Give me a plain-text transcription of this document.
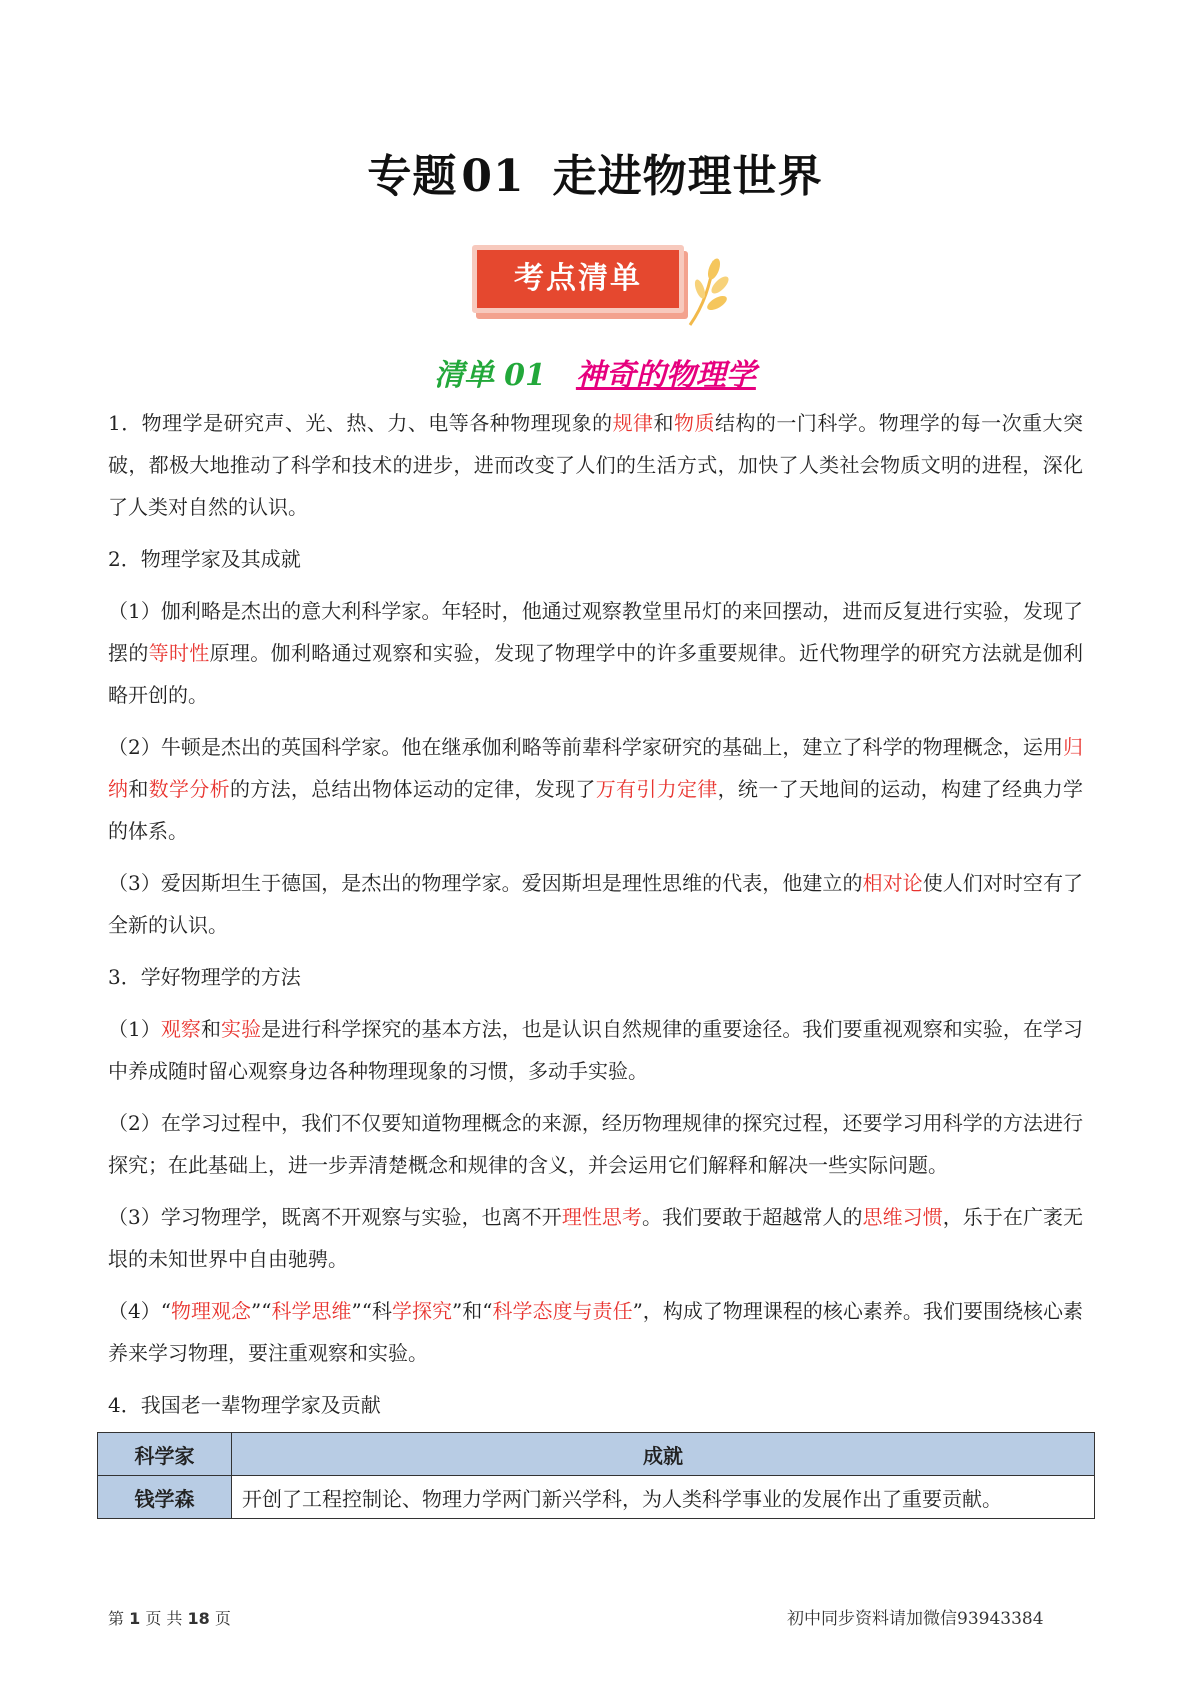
专题01 走进物理世界
考点清单
清单 01 神奇的物理学

1．物理学是研究声、光、热、力、电等各种物理现象的规律和物质结构的一门科学。物理学的每一次重大突破，都极大地推动了科学和技术的进步，进而改变了人们的生活方式，加快了人类社会物质文明的进程，深化了人类对自然的认识。

2．物理学家及其成就

（1）伽利略是杰出的意大利科学家。年轻时，他通过观察教堂里吊灯的来回摆动，进而反复进行实验，发现了摆的等时性原理。伽利略通过观察和实验，发现了物理学中的许多重要规律。近代物理学的研究方法就是伽利略开创的。

（2）牛顿是杰出的英国科学家。他在继承伽利略等前辈科学家研究的基础上，建立了科学的物理概念，运用归纳和数学分析的方法，总结出物体运动的定律，发现了万有引力定律，统一了天地间的运动，构建了经典力学的体系。

（3）爱因斯坦生于德国，是杰出的物理学家。爱因斯坦是理性思维的代表，他建立的相对论使人们对时空有了全新的认识。

3．学好物理学的方法

（1）观察和实验是进行科学探究的基本方法，也是认识自然规律的重要途径。我们要重视观察和实验，在学习中养成随时留心观察身边各种物理现象的习惯，多动手实验。

（2）在学习过程中，我们不仅要知道物理概念的来源，经历物理规律的探究过程，还要学习用科学的方法进行探究；在此基础上，进一步弄清楚概念和规律的含义，并会运用它们解释和解决一些实际问题。

（3）学习物理学，既离不开观察与实验，也离不开理性思考。我们要敢于超越常人的思维习惯，乐于在广袤无垠的未知世界中自由驰骋。

（4）“物理观念”“科学思维”“科学探究”和“科学态度与责任”，构成了物理课程的核心素养。我们要围绕核心素养来学习物理，要注重观察和实验。

4．我国老一辈物理学家及贡献

科学家	成就
钱学森	开创了工程控制论、物理力学两门新兴学科，为人类科学事业的发展作出了重要贡献。
第 1 页 共 18 页	初中同步资料请加微信93943384
